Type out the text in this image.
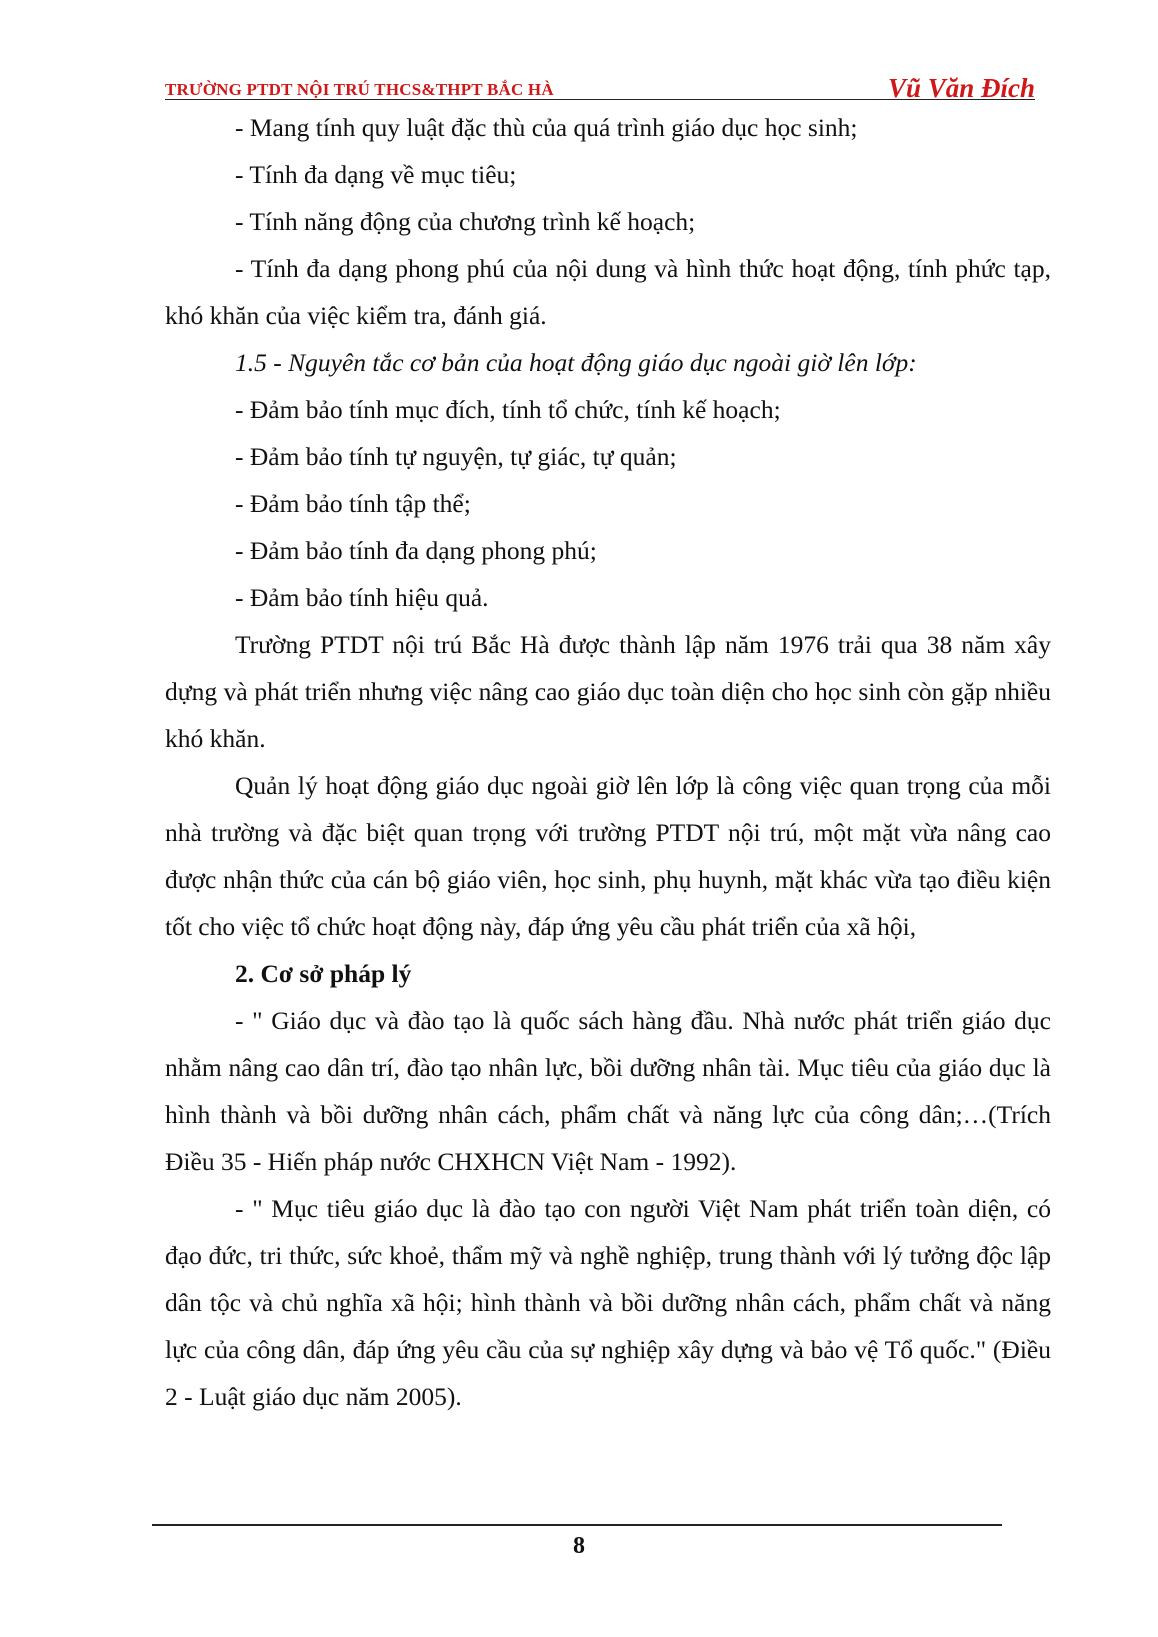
TRƯỜNG PTDT NỘI TRÚ THCS&THPT BẮC HÀ	Vũ Văn Đích

- Mang tính quy luật đặc thù của quá trình giáo dục học sinh;

- Tính đa dạng về mục tiêu;

- Tính năng động của chương trình kế hoạch;

- Tính đa dạng phong phú của nội dung và hình thức hoạt động, tính phức tạp, khó khăn của việc kiểm tra, đánh giá.

1.5 - Nguyên tắc cơ bản của hoạt động giáo dục ngoài giờ lên lớp:

- Đảm bảo tính mục đích, tính tổ chức, tính kế hoạch;

- Đảm bảo tính tự nguyện, tự giác, tự quản;

- Đảm bảo tính tập thể;

- Đảm bảo tính đa dạng phong phú;

- Đảm bảo tính hiệu quả.

Trường PTDT nội trú Bắc Hà được thành lập năm 1976 trải qua 38 năm xây dựng và phát triển nhưng việc nâng cao giáo dục toàn diện cho học sinh còn gặp nhiều khó khăn.

Quản lý hoạt động giáo dục ngoài giờ lên lớp là công việc quan trọng của mỗi nhà trường và đặc biệt quan trọng với trường PTDT nội trú, một mặt vừa nâng cao được nhận thức của cán bộ giáo viên, học sinh, phụ huynh, mặt khác vừa tạo điều kiện tốt cho việc tổ chức hoạt động này, đáp ứng yêu cầu phát triển của xã hội,

2. Cơ sở pháp lý

- " Giáo dục và đào tạo là quốc sách hàng đầu. Nhà nước phát triển giáo dục nhằm nâng cao dân trí, đào tạo nhân lực, bồi dưỡng nhân tài. Mục tiêu của giáo dục là hình thành và bồi dưỡng nhân cách, phẩm chất và năng lực của công dân;…(Trích Điều 35 - Hiến pháp nước CHXHCN Việt Nam - 1992).

- " Mục tiêu giáo dục là đào tạo con người Việt Nam phát triển toàn diện, có đạo đức, tri thức, sức khoẻ, thẩm mỹ và nghề nghiệp, trung thành với lý tưởng độc lập dân tộc và chủ nghĩa xã hội; hình thành và bồi dưỡng nhân cách, phẩm chất và năng lực của công dân, đáp ứng yêu cầu của sự nghiệp xây dựng và bảo vệ Tổ quốc." (Điều 2 - Luật giáo dục năm 2005).

8
